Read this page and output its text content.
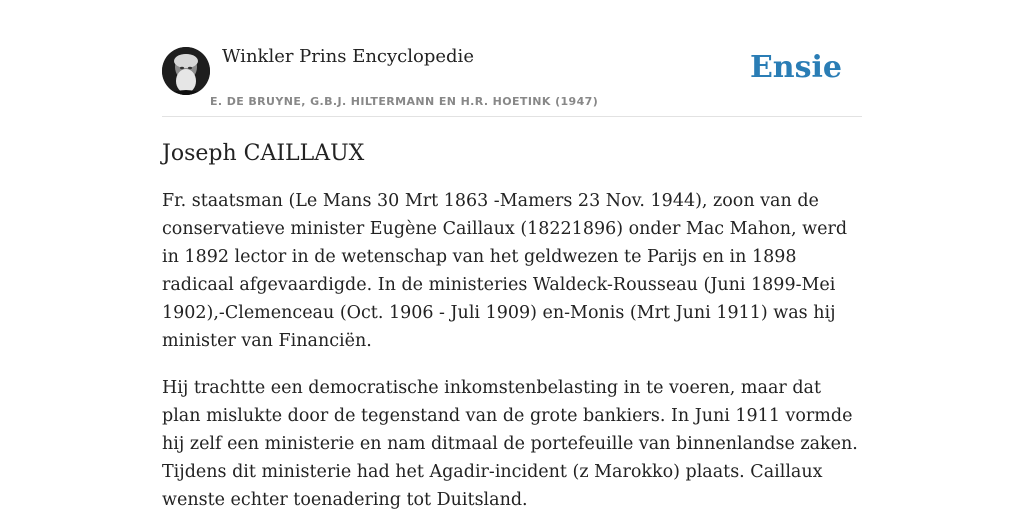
Winkler Prins Encyclopedie
E. DE BRUYNE, G.B.J. HILTERMANN EN H.R. HOETINK (1947)
Ensie
Joseph CAILLAUX

Fr. staatsman (Le Mans 30 Mrt 1863 -Mamers 23 Nov. 1944), zoon van de conservatieve minister Eugène Caillaux (18221896) onder Mac Mahon, werd in 1892 lector in de wetenschap van het geldwezen te Parijs en in 1898 radicaal afgevaardigde. In de ministeries Waldeck-Rousseau (Juni 1899-Mei 1902),-Clemenceau (Oct. 1906 - Juli 1909) en-Monis (Mrt Juni 1911) was hij minister van Financiën.

Hij trachtte een democratische inkomstenbelasting in te voeren, maar dat plan mislukte door de tegenstand van de grote bankiers. In Juni 1911 vormde hij zelf een ministerie en nam ditmaal de portefeuille van binnenlandse zaken. Tijdens dit ministerie had het Agadir-incident (z Marokko) plaats. Caillaux wenste echter toenadering tot Duitsland.
